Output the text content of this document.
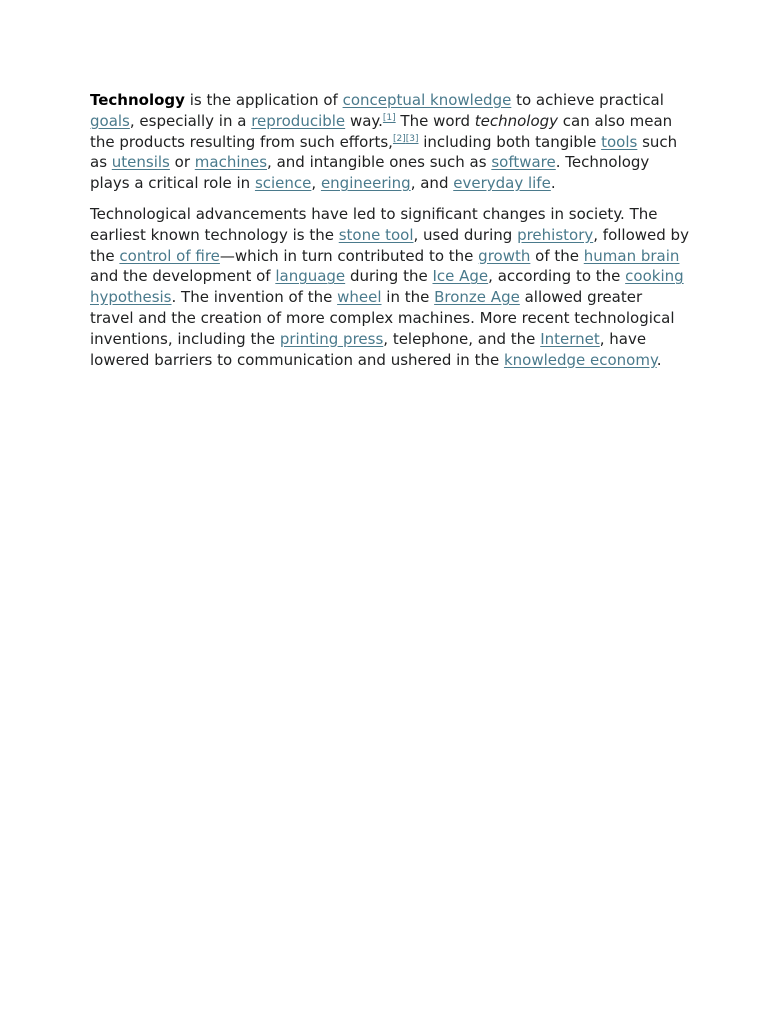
Technology is the application of conceptual knowledge to achieve practical goals, especially in a reproducible way.[1] The word technology can also mean the products resulting from such efforts,[2][3] including both tangible tools such as utensils or machines, and intangible ones such as software. Technology plays a critical role in science, engineering, and everyday life.

Technological advancements have led to significant changes in society. The earliest known technology is the stone tool, used during prehistory, followed by the control of fire—which in turn contributed to the growth of the human brain and the development of language during the Ice Age, according to the cooking hypothesis. The invention of the wheel in the Bronze Age allowed greater travel and the creation of more complex machines. More recent technological inventions, including the printing press, telephone, and the Internet, have lowered barriers to communication and ushered in the knowledge economy.
